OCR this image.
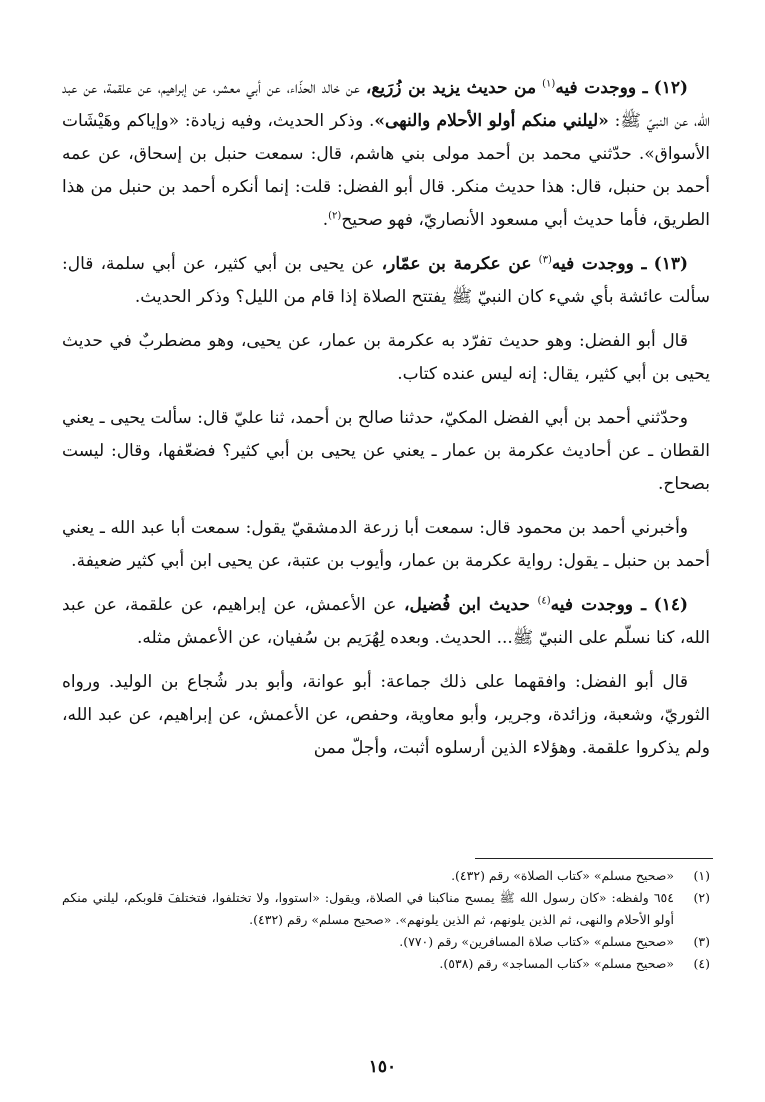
(١٢) ـ ووجدت فيه$^{(١)}$ من حديث يزيد بن زُرَيع، عن خالد الحذّاء، عن أبي معشر، عن إبراهيم، عن علقمة، عن عبد الله، عن النبيّ ﷺ: «ليلني منكم أولو الأحلام والنهى». وذكر الحديث، وفيه زيادة: «وإياكم وهَيْشَات الأسواق». حدّثني محمد بن أحمد مولى بني هاشم، قال: سمعت حنبل بن إسحاق، عن عمه أحمد بن حنبل، قال: هذا حديث منكر. قال أبو الفضل: قلت: إنما أنكره أحمد بن حنبل من هذا الطريق، فأما حديث أبي مسعود الأنصاريّ، فهو صحيح$^{(٢)}$.

(١٣) ـ ووجدت فيه$^{(٣)}$ عن عكرمة بن عمّار، عن يحيى بن أبي كثير، عن أبي سلمة، قال: سألت عائشة بأي شيء كان النبيّ ﷺ يفتتح الصلاة إذا قام من الليل؟ وذكر الحديث.

قال أبو الفضل: وهو حديث تفرّد به عكرمة بن عمار، عن يحيى، وهو مضطربٌ في حديث يحيى بن أبي كثير، يقال: إنه ليس عنده كتاب.

وحدّثني أحمد بن أبي الفضل المكيّ، حدثنا صالح بن أحمد، ثنا عليّ قال: سألت يحيى ـ يعني القطان ـ عن أحاديث عكرمة بن عمار ـ يعني عن يحيى بن أبي كثير؟ فضعّفها، وقال: ليست بصحاح.

وأخبرني أحمد بن محمود قال: سمعت أبا زرعة الدمشقيّ يقول: سمعت أبا عبد الله ـ يعني أحمد بن حنبل ـ يقول: رواية عكرمة بن عمار، وأيوب بن عتبة، عن يحيى ابن أبي كثير ضعيفة.

(١٤) ـ ووجدت فيه$^{(٤)}$ حديث ابن فُضيل، عن الأعمش، عن إبراهيم، عن علقمة، عن عبد الله، كنا نسلّم على النبيّ ﷺ... الحديث. وبعده لِهُرَيم بن سُفيان، عن الأعمش مثله.

قال أبو الفضل: وافقهما على ذلك جماعة: أبو عوانة، وأبو بدر شُجاع بن الوليد. ورواه الثوريّ، وشعبة، وزائدة، وجرير، وأبو معاوية، وحفص، عن الأعمش، عن إبراهيم، عن عبد الله، ولم يذكروا علقمة. وهؤلاء الذين أرسلوه أثبت، وأجلّ ممن

(١)
«صحيح مسلم» «كتاب الصلاة» رقم (٤٣٢).
(٢)
٦٥٤ ولفظه: «كان رسول الله ﷺ يمسح مناكبنا في الصلاة، ويقول: «استووا، ولا تختلفوا، فتختلفَ قلوبكم، ليلني منكم أولو الأحلام والنهى، ثم الذين يلونهم، ثم الذين يلونهم». «صحيح مسلم» رقم (٤٣٢).
(٣)
«صحيح مسلم» «كتاب صلاة المسافرين» رقم (٧٧٠).
(٤)
«صحيح مسلم» «كتاب المساجد» رقم (٥٣٨).
١٥٠
